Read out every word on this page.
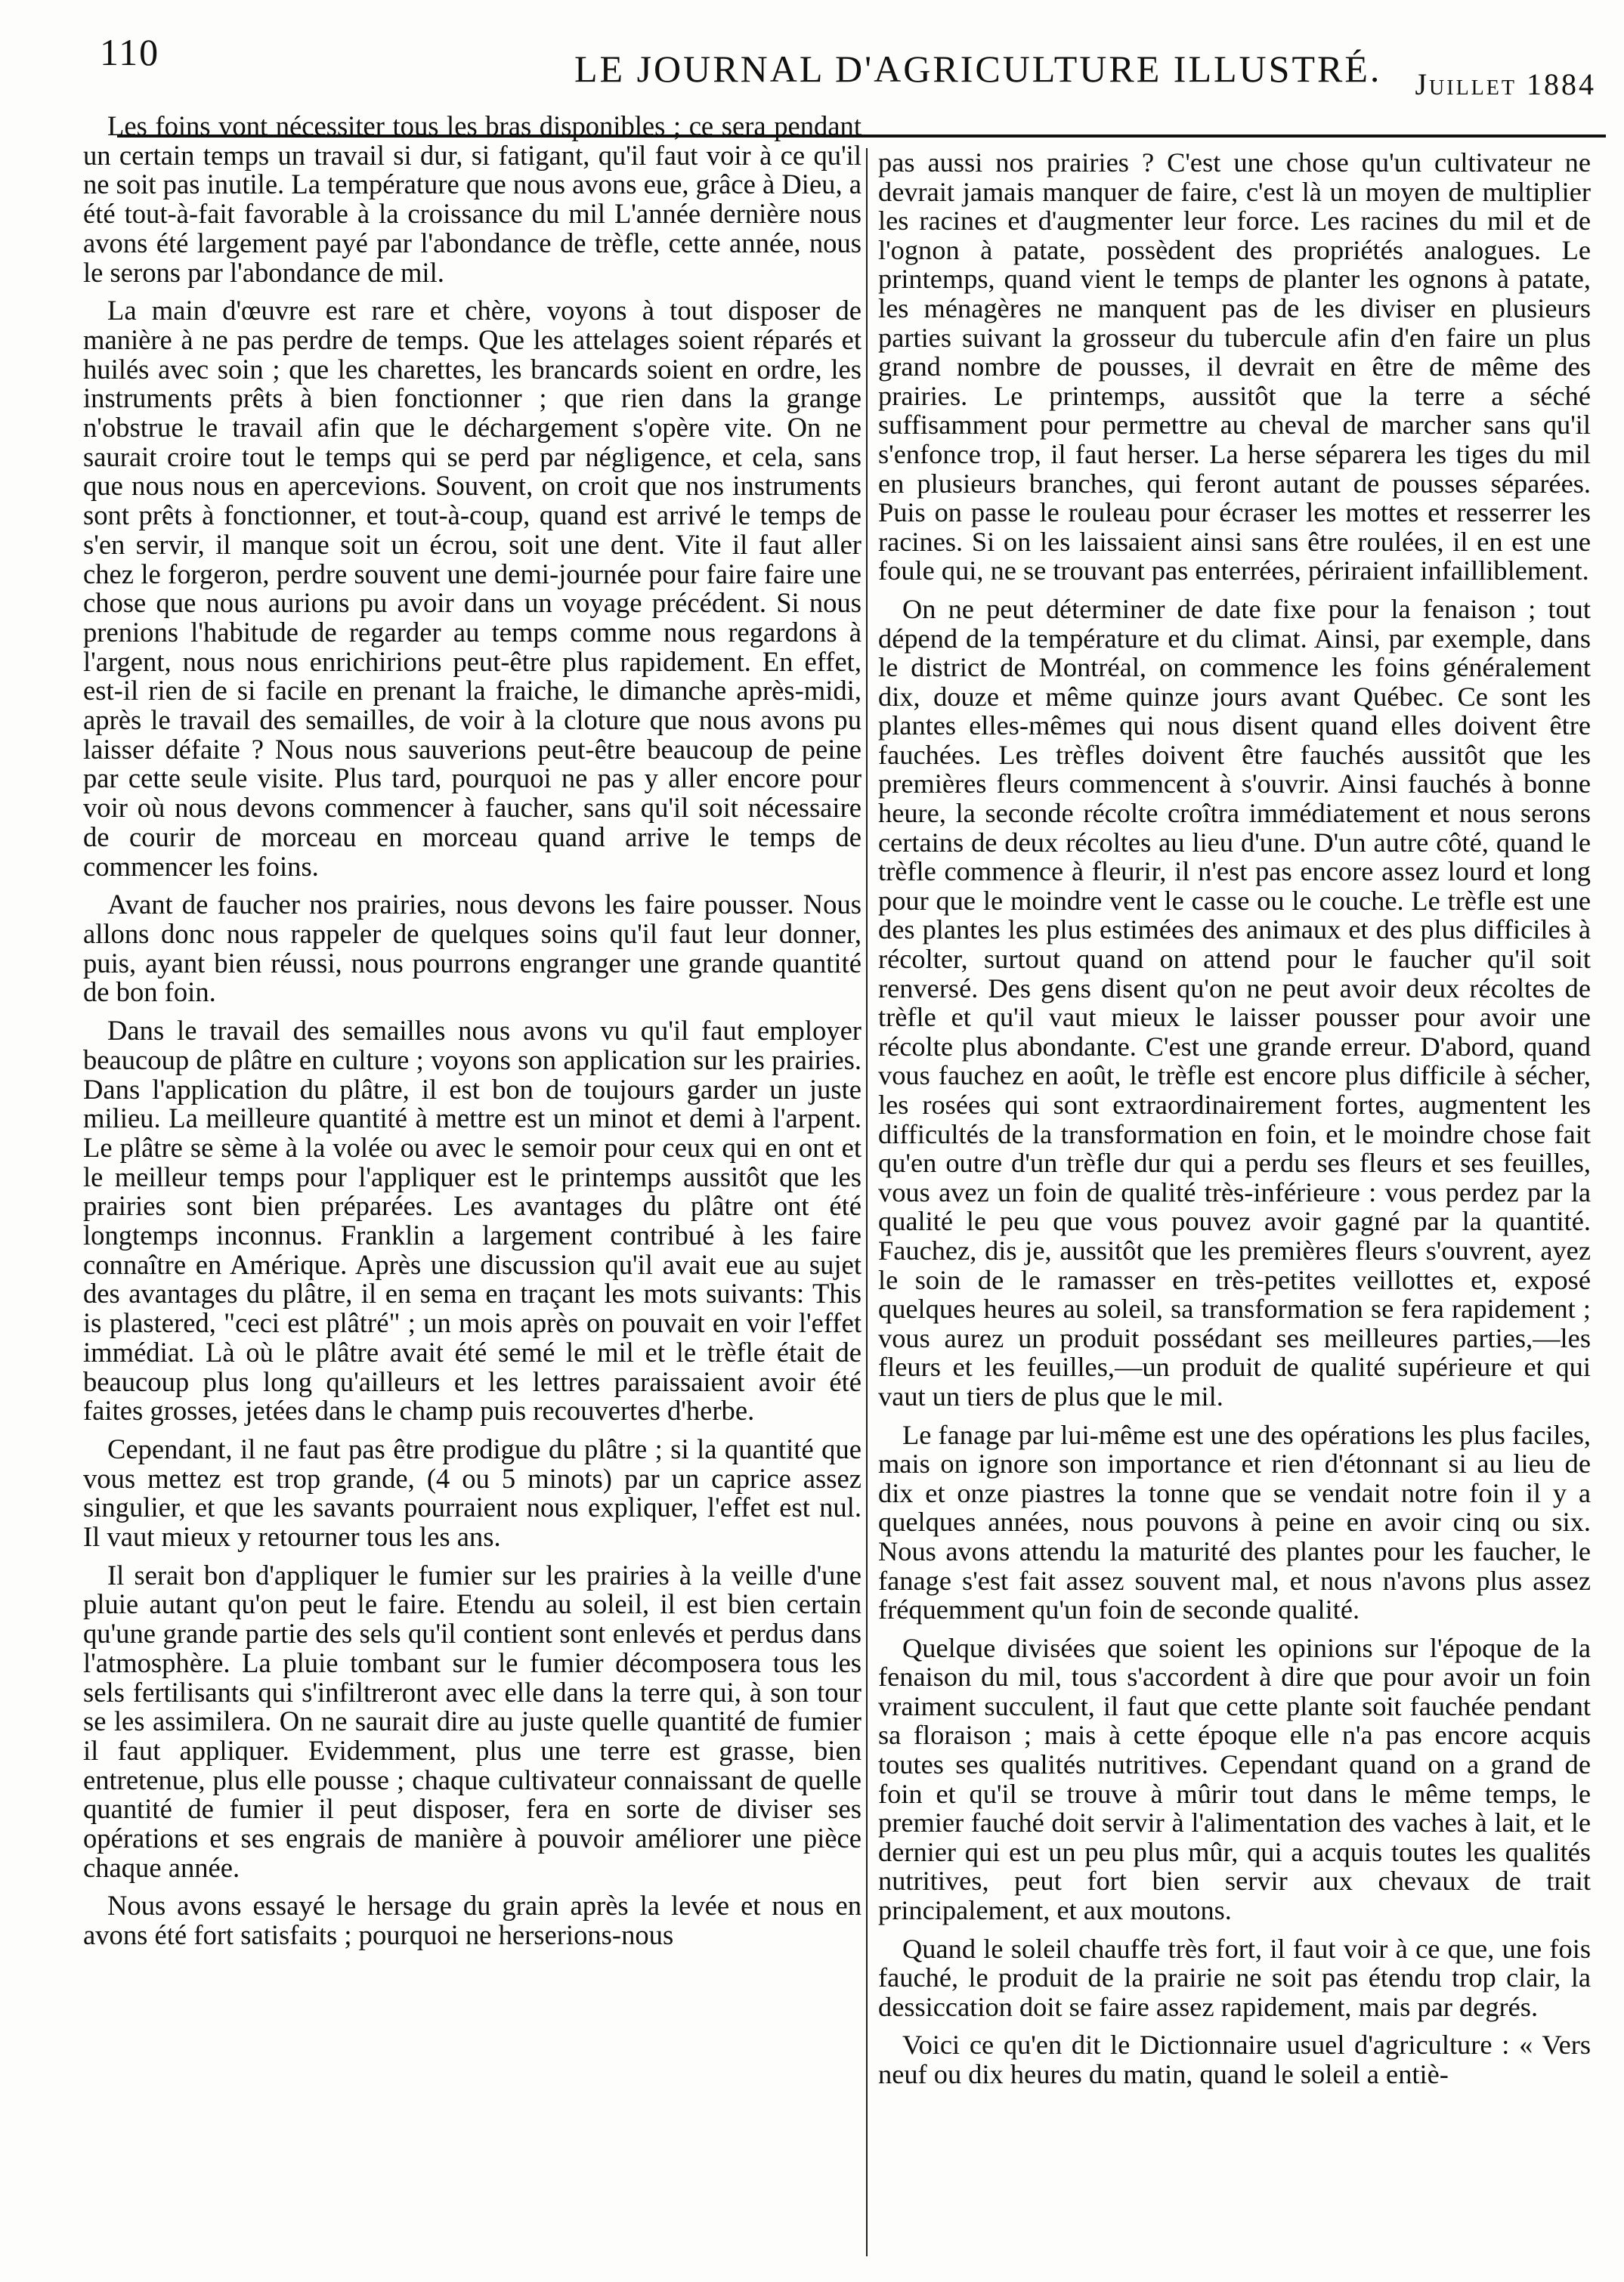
110	LE JOURNAL D'AGRICULTURE ILLUSTRÉ. Juillet 1884

Les foins vont nécessiter tous les bras disponibles ; ce sera pendant un certain temps un travail si dur, si fatigant, qu'il faut voir à ce qu'il ne soit pas inutile. La température que nous avons eue, grâce à Dieu, a été tout-à-fait favorable à la croissance du mil L'année dernière nous avons été largement payé par l'abondance de trèfle, cette année, nous le serons par l'abondance de mil.

La main d'œuvre est rare et chère, voyons à tout disposer de manière à ne pas perdre de temps. Que les attelages soient réparés et huilés avec soin ; que les charettes, les brancards soient en ordre, les instruments prêts à bien fonctionner ; que rien dans la grange n'obstrue le travail afin que le déchargement s'opère vite. On ne saurait croire tout le temps qui se perd par négligence, et cela, sans que nous nous en apercevions. Souvent, on croit que nos instruments sont prêts à fonctionner, et tout-à-coup, quand est arrivé le temps de s'en servir, il manque soit un écrou, soit une dent. Vite il faut aller chez le forgeron, perdre souvent une demi-journée pour faire faire une chose que nous aurions pu avoir dans un voyage précédent. Si nous prenions l'habitude de regarder au temps comme nous regardons à l'argent, nous nous enrichirions peut-être plus rapidement. En effet, est-il rien de si facile en prenant la fraiche, le dimanche après-midi, après le travail des semailles, de voir à la cloture que nous avons pu laisser défaite ? Nous nous sauverions peut-être beaucoup de peine par cette seule visite. Plus tard, pourquoi ne pas y aller encore pour voir où nous devons commencer à faucher, sans qu'il soit nécessaire de courir de morceau en morceau quand arrive le temps de commencer les foins.

Avant de faucher nos prairies, nous devons les faire pousser. Nous allons donc nous rappeler de quelques soins qu'il faut leur donner, puis, ayant bien réussi, nous pourrons engranger une grande quantité de bon foin.

Dans le travail des semailles nous avons vu qu'il faut employer beaucoup de plâtre en culture ; voyons son application sur les prairies. Dans l'application du plâtre, il est bon de toujours garder un juste milieu. La meilleure quantité à mettre est un minot et demi à l'arpent. Le plâtre se sème à la volée ou avec le semoir pour ceux qui en ont et le meilleur temps pour l'appliquer est le printemps aussitôt que les prairies sont bien préparées. Les avantages du plâtre ont été longtemps inconnus. Franklin a largement contribué à les faire connaître en Amérique. Après une discussion qu'il avait eue au sujet des avantages du plâtre, il en sema en traçant les mots suivants: This is plastered, "ceci est plâtré" ; un mois après on pouvait en voir l'effet immédiat. Là où le plâtre avait été semé le mil et le trèfle était de beaucoup plus long qu'ailleurs et les lettres paraissaient avoir été faites grosses, jetées dans le champ puis recouvertes d'herbe.

Cependant, il ne faut pas être prodigue du plâtre ; si la quantité que vous mettez est trop grande, (4 ou 5 minots) par un caprice assez singulier, et que les savants pourraient nous expliquer, l'effet est nul. Il vaut mieux y retourner tous les ans.

Il serait bon d'appliquer le fumier sur les prairies à la veille d'une pluie autant qu'on peut le faire. Etendu au soleil, il est bien certain qu'une grande partie des sels qu'il contient sont enlevés et perdus dans l'atmosphère. La pluie tombant sur le fumier décomposera tous les sels fertilisants qui s'infiltreront avec elle dans la terre qui, à son tour se les assimilera. On ne saurait dire au juste quelle quantité de fumier il faut appliquer. Evidemment, plus une terre est grasse, bien entretenue, plus elle pousse ; chaque cultivateur connaissant de quelle quantité de fumier il peut disposer, fera en sorte de diviser ses opérations et ses engrais de manière à pouvoir améliorer une pièce chaque année.

Nous avons essayé le hersage du grain après la levée et nous en avons été fort satisfaits ; pourquoi ne herserions-nous

pas aussi nos prairies ? C'est une chose qu'un cultivateur ne devrait jamais manquer de faire, c'est là un moyen de multiplier les racines et d'augmenter leur force. Les racines du mil et de l'ognon à patate, possèdent des propriétés analogues. Le printemps, quand vient le temps de planter les ognons à patate, les ménagères ne manquent pas de les diviser en plusieurs parties suivant la grosseur du tubercule afin d'en faire un plus grand nombre de pousses, il devrait en être de même des prairies. Le printemps, aussitôt que la terre a séché suffisamment pour permettre au cheval de marcher sans qu'il s'enfonce trop, il faut herser. La herse séparera les tiges du mil en plusieurs branches, qui feront autant de pousses séparées. Puis on passe le rouleau pour écraser les mottes et resserrer les racines. Si on les laissaient ainsi sans être roulées, il en est une foule qui, ne se trouvant pas enterrées, périraient infailliblement.

On ne peut déterminer de date fixe pour la fenaison ; tout dépend de la température et du climat. Ainsi, par exemple, dans le district de Montréal, on commence les foins généralement dix, douze et même quinze jours avant Québec. Ce sont les plantes elles-mêmes qui nous disent quand elles doivent être fauchées. Les trèfles doivent être fauchés aussitôt que les premières fleurs commencent à s'ouvrir. Ainsi fauchés à bonne heure, la seconde récolte croîtra immédiatement et nous serons certains de deux récoltes au lieu d'une. D'un autre côté, quand le trèfle commence à fleurir, il n'est pas encore assez lourd et long pour que le moindre vent le casse ou le couche. Le trèfle est une des plantes les plus estimées des animaux et des plus difficiles à récolter, surtout quand on attend pour le faucher qu'il soit renversé. Des gens disent qu'on ne peut avoir deux récoltes de trèfle et qu'il vaut mieux le laisser pousser pour avoir une récolte plus abondante. C'est une grande erreur. D'abord, quand vous fauchez en août, le trèfle est encore plus difficile à sécher, les rosées qui sont extraordinairement fortes, augmentent les difficultés de la transformation en foin, et le moindre chose fait qu'en outre d'un trèfle dur qui a perdu ses fleurs et ses feuilles, vous avez un foin de qualité très-inférieure : vous perdez par la qualité le peu que vous pouvez avoir gagné par la quantité. Fauchez, dis je, aussitôt que les premières fleurs s'ouvrent, ayez le soin de le ramasser en très-petites veillottes et, exposé quelques heures au soleil, sa transformation se fera rapidement ; vous aurez un produit possédant ses meilleures parties,—les fleurs et les feuilles,—un produit de qualité supérieure et qui vaut un tiers de plus que le mil.

Le fanage par lui-même est une des opérations les plus faciles, mais on ignore son importance et rien d'étonnant si au lieu de dix et onze piastres la tonne que se vendait notre foin il y a quelques années, nous pouvons à peine en avoir cinq ou six. Nous avons attendu la maturité des plantes pour les faucher, le fanage s'est fait assez souvent mal, et nous n'avons plus assez fréquemment qu'un foin de seconde qualité.

Quelque divisées que soient les opinions sur l'époque de la fenaison du mil, tous s'accordent à dire que pour avoir un foin vraiment succulent, il faut que cette plante soit fauchée pendant sa floraison ; mais à cette époque elle n'a pas encore acquis toutes ses qualités nutritives. Cependant quand on a grand de foin et qu'il se trouve à mûrir tout dans le même temps, le premier fauché doit servir à l'alimentation des vaches à lait, et le dernier qui est un peu plus mûr, qui a acquis toutes les qualités nutritives, peut fort bien servir aux chevaux de trait principalement, et aux moutons.

Quand le soleil chauffe très fort, il faut voir à ce que, une fois fauché, le produit de la prairie ne soit pas étendu trop clair, la dessiccation doit se faire assez rapidement, mais par degrés.

Voici ce qu'en dit le Dictionnaire usuel d'agriculture : « Vers neuf ou dix heures du matin, quand le soleil a entiè-
